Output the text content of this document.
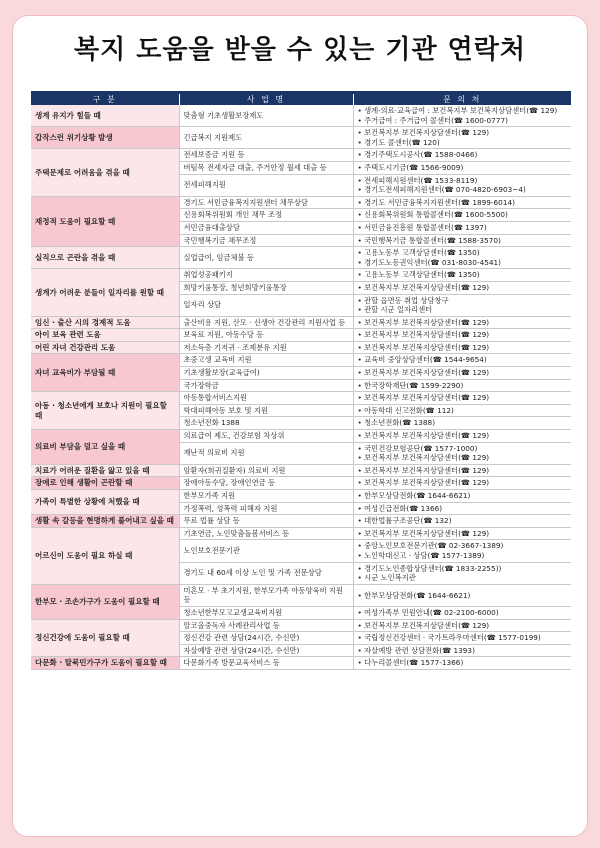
복지 도움을 받을 수 있는 기관 연락처
구 분	사 업 명	문 의 처
생계 유지가 힘들 때	맞춤형 기초생활보장제도	• 생계·의료·교육급여 : 보건복지부 보건복지상담센터(☎ 129)
• 주거급여 : 주거급여 콜센터(☎ 1600-0777)

갑작스런 위기상황 발생	긴급복지 지원제도	• 보건복지부 보건복지상담센터(☎ 129)
• 경기도 콜센터(☎ 120)

주택문제로 어려움을 겪을 때	전세보증금 지원 등	• 경기주택도시공사(☎ 1588-0466)

	버팀목 전세자금 대출, 주거안정 월세 대출 등	• 주택도시기금(☎ 1566-9009)

	전세피해지원	• 전세피해지원센터(☎ 1533-8119)
• 경기도전세피해지원센터(☎ 070-4820-6903~4)

재정적 도움이 필요할 때	경기도 서민금융복지지원센터 채무상담	• 경기도 서민금융복지지원센터(☎ 1899-6014)

	신용회복위원회 개인 채무 조정	• 신용회복위원회 통합콜센터(☎ 1600-5500)

	서민금융대출상담	• 서민금융진흥원 통합콜센터(☎ 1397)

	국민행복기금 채무조정	• 국민행복기금 통합콜센터(☎ 1588-3570)

실직으로 곤란을 겪을 때	실업급여, 임금체불 등	• 고용노동부 고객상담센터(☎ 1350)
• 경기도노동권익센터(☎ 031-8030-4541)

생계가 어려운 분들이 일자리를 원할 때	취업성공패키지	• 고용노동부 고객상담센터(☎ 1350)

	희망키움통장, 청년희망키움통장	• 보건복지부 보건복지상담센터(☎ 129)

	일자리 상담	• 관할 읍면동 취업 상담창구
• 관할 시군 일자리센터

임신 · 출산 시의 경제적 도움	출산비용 지원, 산모 · 신생아 건강관리 지원사업 등	• 보건복지부 보건복지상담센터(☎ 129)

아이 보육 관련 도움	보육료 지원, 아동수당 등	• 보건복지부 보건복지상담센터(☎ 129)

어린 자녀 건강관리 도움	저소득층 기저귀 · 조제분유 지원	• 보건복지부 보건복지상담센터(☎ 129)

자녀 교육비가 부담될 때	초중고생 교육비 지원	• 교육비 중앙상담센터(☎ 1544-9654)

	기초생활보장(교육급여)	• 보건복지부 보건복지상담센터(☎ 129)

	국가장학금	• 한국장학재단(☎ 1599-2290)

아동 · 청소년에게 보호나 지원이 필요할 때	아동통합서비스지원	• 보건복지부 보건복지상담센터(☎ 129)

	학대피해아동 보호 및 지원	• 아동학대 신고전화(☎ 112)

	청소년전화 1388	• 청소년전화(☎ 1388)

의료비 부담을 덜고 싶을 때	의료급여 제도, 건강보험 차상위	• 보건복지부 보건복지상담센터(☎ 129)

	재난적 의료비 지원	• 국민건강보험공단(☎ 1577-1000)
• 보건복지부 보건복지상담센터(☎ 129)

치료가 어려운 질환을 앓고 있을 때	암환자(희귀질환자) 의료비 지원	• 보건복지부 보건복지상담센터(☎ 129)

장애로 인해 생활이 곤란할 때	장애아동수당, 장애인연금 등	• 보건복지부 보건복지상담센터(☎ 129)

가족이 특별한 상황에 처했을 때	한부모가족 지원	• 한부모상담전화(☎ 1644-6621)

	가정폭력, 성폭력 피해자 지원	• 여성긴급전화(☎ 1366)

생활 속 갈등을 현명하게 풀어내고 싶을 때	무료 법률 상담 등	• 대한법률구조공단(☎ 132)

어르신이 도움이 필요 하실 때	기초연금, 노인맞춤돌봄서비스 등	• 보건복지부 보건복지상담센터(☎ 129)

	노인보호전문기관	• 중앙노인보호전문기관(☎ 02-3667-1389)
• 노인학대신고 · 상담(☎ 1577-1389)

	경기도 내 60세 이상 노인 및 가족 전문상담	• 경기도노인종합상담센터(☎ 1833-2255))
• 시군 노인복지관

한부모 · 조손가구가 도움이 필요할 때	미혼모 · 부 초기지원, 한부모가족 아동양육비 지원 등	• 한부모상담전화(☎ 1644-6621)

	청소년한부모고교생교육비지원	• 여성가족부 민원안내(☎ 02-2100-6000)

정신건강에 도움이 필요할 때	알코올중독자 사례관리사업 등	• 보건복지부 보건복지상담센터(☎ 129)

	정신건강 관련 상담(24시간, 수신만)	• 국립정신건강센터 · 국가트라우마센터(☎ 1577-0199)

	자살예방 관련 상담(24시간, 수신만)	• 자살예방 관련 상담전화(☎ 1393)

다문화 · 탈북민가구가 도움이 필요할 때	다문화가족 방문교육서비스 등	• 다누리콜센터(☎ 1577-1366)
